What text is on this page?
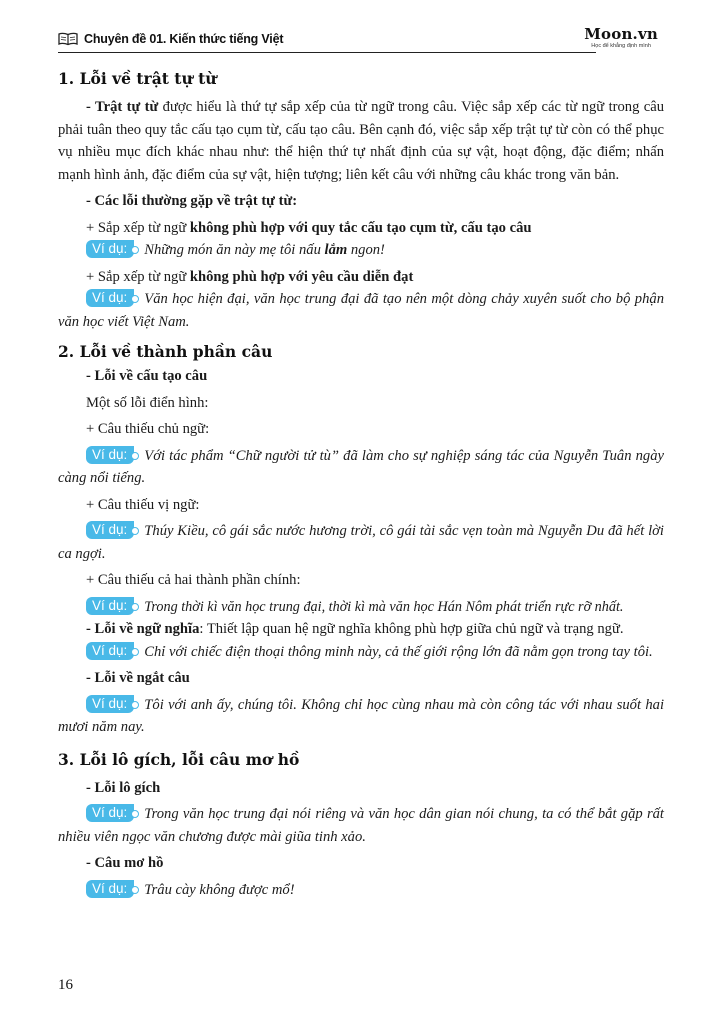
Chuyên đề 01. Kiến thức tiếng Việt	Moon.vn
Học để khẳng định mình
1. Lỗi về trật tự từ

- Trật tự từ được hiểu là thứ tự sắp xếp của từ ngữ trong câu. Việc sắp xếp các từ ngữ trong câu phải tuân theo quy tắc cấu tạo cụm từ, cấu tạo câu. Bên cạnh đó, việc sắp xếp trật tự từ còn có thể phục vụ nhiều mục đích khác nhau như: thể hiện thứ tự nhất định của sự vật, hoạt động, đặc điểm; nhấn mạnh hình ảnh, đặc điểm của sự vật, hiện tượng; liên kết câu với những câu khác trong văn bản.

- Các lỗi thường gặp về trật tự từ:

+ Sắp xếp từ ngữ không phù hợp với quy tắc cấu tạo cụm từ, cấu tạo câu

Ví dụ: Những món ăn này mẹ tôi nấu lắm ngon!

+ Sắp xếp từ ngữ không phù hợp với yêu cầu diễn đạt

Ví dụ: Văn học hiện đại, văn học trung đại đã tạo nên một dòng chảy xuyên suốt cho bộ phận văn học viết Việt Nam.

2. Lỗi về thành phần câu

- Lỗi về cấu tạo câu

Một số lỗi điển hình:

+ Câu thiếu chủ ngữ:

Ví dụ: Với tác phẩm “Chữ người tử tù” đã làm cho sự nghiệp sáng tác của Nguyễn Tuân ngày càng nổi tiếng.

+ Câu thiếu vị ngữ:

Ví dụ: Thúy Kiều, cô gái sắc nước hương trời, cô gái tài sắc vẹn toàn mà Nguyễn Du đã hết lời ca ngợi.

+ Câu thiếu cả hai thành phần chính:

Ví dụ: Trong thời kì văn học trung đại, thời kì mà văn học Hán Nôm phát triển rực rỡ nhất.

- Lỗi về ngữ nghĩa: Thiết lập quan hệ ngữ nghĩa không phù hợp giữa chủ ngữ và trạng ngữ.

Ví dụ: Chỉ với chiếc điện thoại thông minh này, cả thế giới rộng lớn đã nằm gọn trong tay tôi.

- Lỗi về ngắt câu

Ví dụ: Tôi với anh ấy, chúng tôi. Không chỉ học cùng nhau mà còn công tác với nhau suốt hai mươi năm nay.

3. Lỗi lô gích, lỗi câu mơ hồ

- Lỗi lô gích

Ví dụ: Trong văn học trung đại nói riêng và văn học dân gian nói chung, ta có thể bắt gặp rất nhiều viên ngọc văn chương được mài giũa tinh xảo.

- Câu mơ hồ

Ví dụ: Trâu cày không được mổ!

16
